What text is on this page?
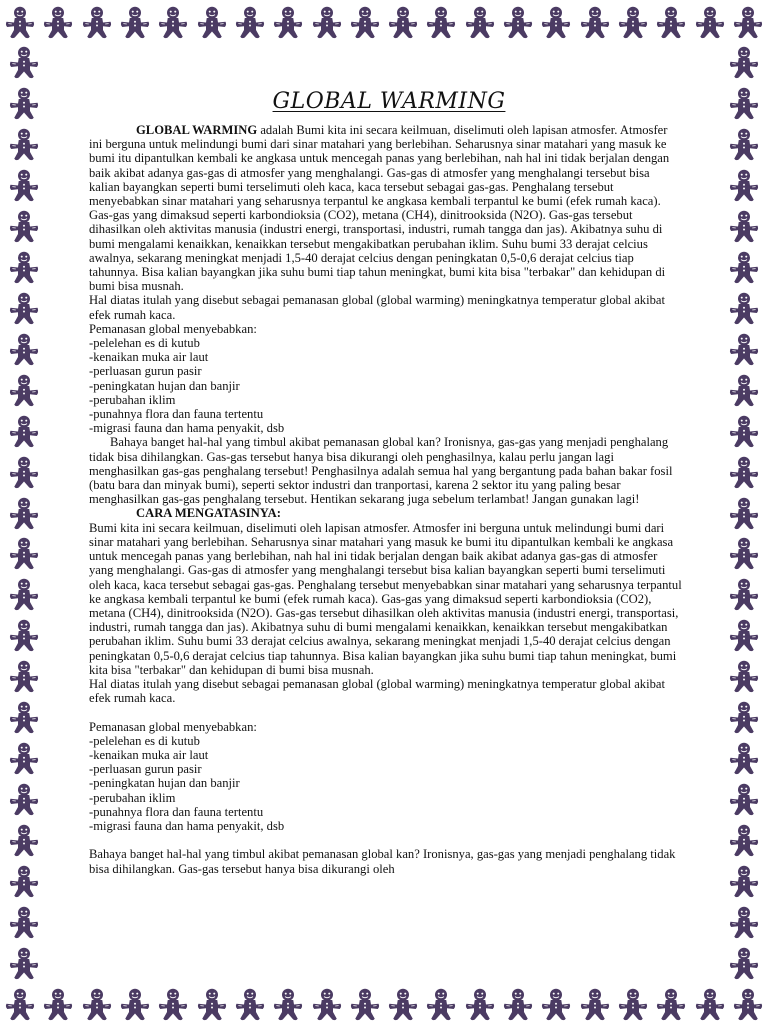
GLOBAL WARMING

GLOBAL WARMING adalah Bumi kita ini secara keilmuan, diselimuti oleh lapisan atmosfer. Atmosfer ini berguna untuk melindungi bumi dari sinar matahari yang berlebihan. Seharusnya sinar matahari yang masuk ke bumi itu dipantulkan kembali ke angkasa untuk mencegah panas yang berlebihan, nah hal ini tidak berjalan dengan baik akibat adanya gas-gas di atmosfer yang menghalangi. Gas-gas di atmosfer yang menghalangi tersebut bisa kalian bayangkan seperti bumi terselimuti oleh kaca, kaca tersebut sebagai gas-gas. Penghalang tersebut menyebabkan sinar matahari yang seharusnya terpantul ke angkasa kembali terpantul ke bumi (efek rumah kaca). Gas-gas yang dimaksud seperti karbondioksia (CO2), metana (CH4), dinitrooksida (N2O). Gas-gas tersebut dihasilkan oleh aktivitas manusia (industri energi, transportasi, industri, rumah tangga dan jas). Akibatnya suhu di bumi mengalami kenaikkan, kenaikkan tersebut mengakibatkan perubahan iklim. Suhu bumi 33 derajat celcius awalnya, sekarang meningkat menjadi 1,5-40 derajat celcius dengan peningkatan 0,5-0,6 derajat celcius tiap tahunnya. Bisa kalian bayangkan jika suhu bumi tiap tahun meningkat, bumi kita bisa "terbakar" dan kehidupan di bumi bisa musnah.

Hal diatas itulah yang disebut sebagai pemanasan global (global warming) meningkatnya temperatur global akibat efek rumah kaca.

Pemanasan global menyebabkan:

-pelelehan es di kutub

-kenaikan muka air laut

-perluasan gurun pasir

-peningkatan hujan dan banjir

-perubahan iklim

-punahnya flora dan fauna tertentu

-migrasi fauna dan hama penyakit, dsb

Bahaya banget hal-hal yang timbul akibat pemanasan global kan? Ironisnya, gas-gas yang menjadi penghalang tidak bisa dihilangkan. Gas-gas tersebut hanya bisa dikurangi oleh penghasilnya, kalau perlu jangan lagi menghasilkan gas-gas penghalang tersebut! Penghasilnya adalah semua hal yang bergantung pada bahan bakar fosil (batu bara dan minyak bumi), seperti sektor industri dan tranportasi, karena 2 sektor itu yang paling besar menghasilkan gas-gas penghalang tersebut. Hentikan sekarang juga sebelum terlambat! Jangan gunakan lagi!

CARA MENGATASINYA:

Bumi kita ini secara keilmuan, diselimuti oleh lapisan atmosfer. Atmosfer ini berguna untuk melindungi bumi dari sinar matahari yang berlebihan. Seharusnya sinar matahari yang masuk ke bumi itu dipantulkan kembali ke angkasa untuk mencegah panas yang berlebihan, nah hal ini tidak berjalan dengan baik akibat adanya gas-gas di atmosfer yang menghalangi. Gas-gas di atmosfer yang menghalangi tersebut bisa kalian bayangkan seperti bumi terselimuti oleh kaca, kaca tersebut sebagai gas-gas. Penghalang tersebut menyebabkan sinar matahari yang seharusnya terpantul ke angkasa kembali terpantul ke bumi (efek rumah kaca). Gas-gas yang dimaksud seperti karbondioksia (CO2), metana (CH4), dinitrooksida (N2O). Gas-gas tersebut dihasilkan oleh aktivitas manusia (industri energi, transportasi, industri, rumah tangga dan jas). Akibatnya suhu di bumi mengalami kenaikkan, kenaikkan tersebut mengakibatkan perubahan iklim. Suhu bumi 33 derajat celcius awalnya, sekarang meningkat menjadi 1,5-40 derajat celcius dengan peningkatan 0,5-0,6 derajat celcius tiap tahunnya. Bisa kalian bayangkan jika suhu bumi tiap tahun meningkat, bumi kita bisa "terbakar" dan kehidupan di bumi bisa musnah.

Hal diatas itulah yang disebut sebagai pemanasan global (global warming) meningkatnya temperatur global akibat efek rumah kaca.

Pemanasan global menyebabkan:

-pelelehan es di kutub

-kenaikan muka air laut

-perluasan gurun pasir

-peningkatan hujan dan banjir

-perubahan iklim

-punahnya flora dan fauna tertentu

-migrasi fauna dan hama penyakit, dsb

Bahaya banget hal-hal yang timbul akibat pemanasan global kan? Ironisnya, gas-gas yang menjadi penghalang tidak bisa dihilangkan. Gas-gas tersebut hanya bisa dikurangi oleh
